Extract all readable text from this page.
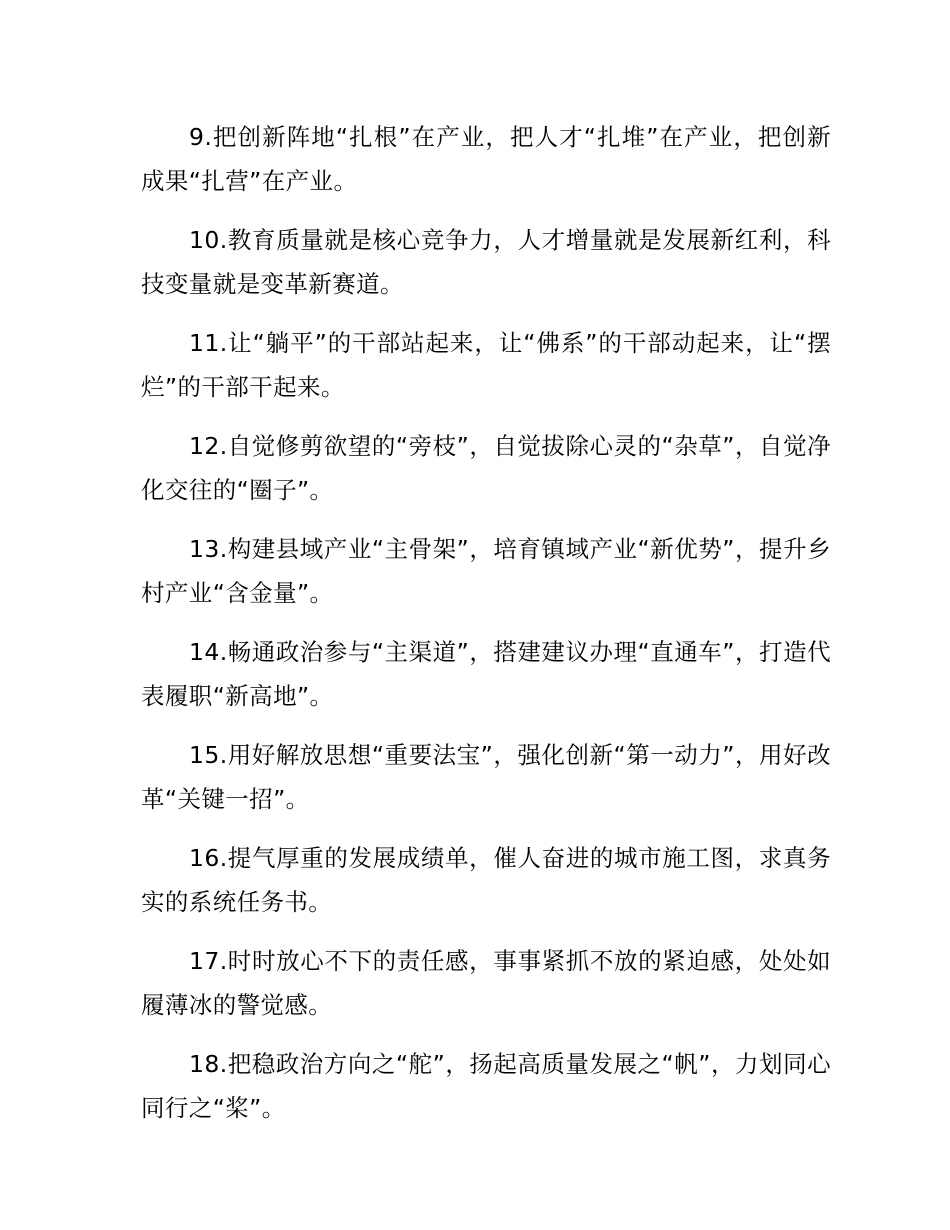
9.把创新阵地“扎根”在产业，把人才“扎堆”在产业，把创新成果“扎营”在产业。

10.教育质量就是核心竞争力，人才增量就是发展新红利，科技变量就是变革新赛道。

11.让“躺平”的干部站起来，让“佛系”的干部动起来，让“摆烂”的干部干起来。

12.自觉修剪欲望的“旁枝”，自觉拔除心灵的“杂草”，自觉净化交往的“圈子”。

13.构建县域产业“主骨架”，培育镇域产业“新优势”，提升乡村产业“含金量”。

14.畅通政治参与“主渠道”，搭建建议办理“直通车”，打造代表履职“新高地”。

15.用好解放思想“重要法宝”，强化创新“第一动力”，用好改革“关键一招”。

16.提气厚重的发展成绩单，催人奋进的城市施工图，求真务实的系统任务书。

17.时时放心不下的责任感，事事紧抓不放的紧迫感，处处如履薄冰的警觉感。

18.把稳政治方向之“舵”，扬起高质量发展之“帆”，力划同心同行之“桨”。
